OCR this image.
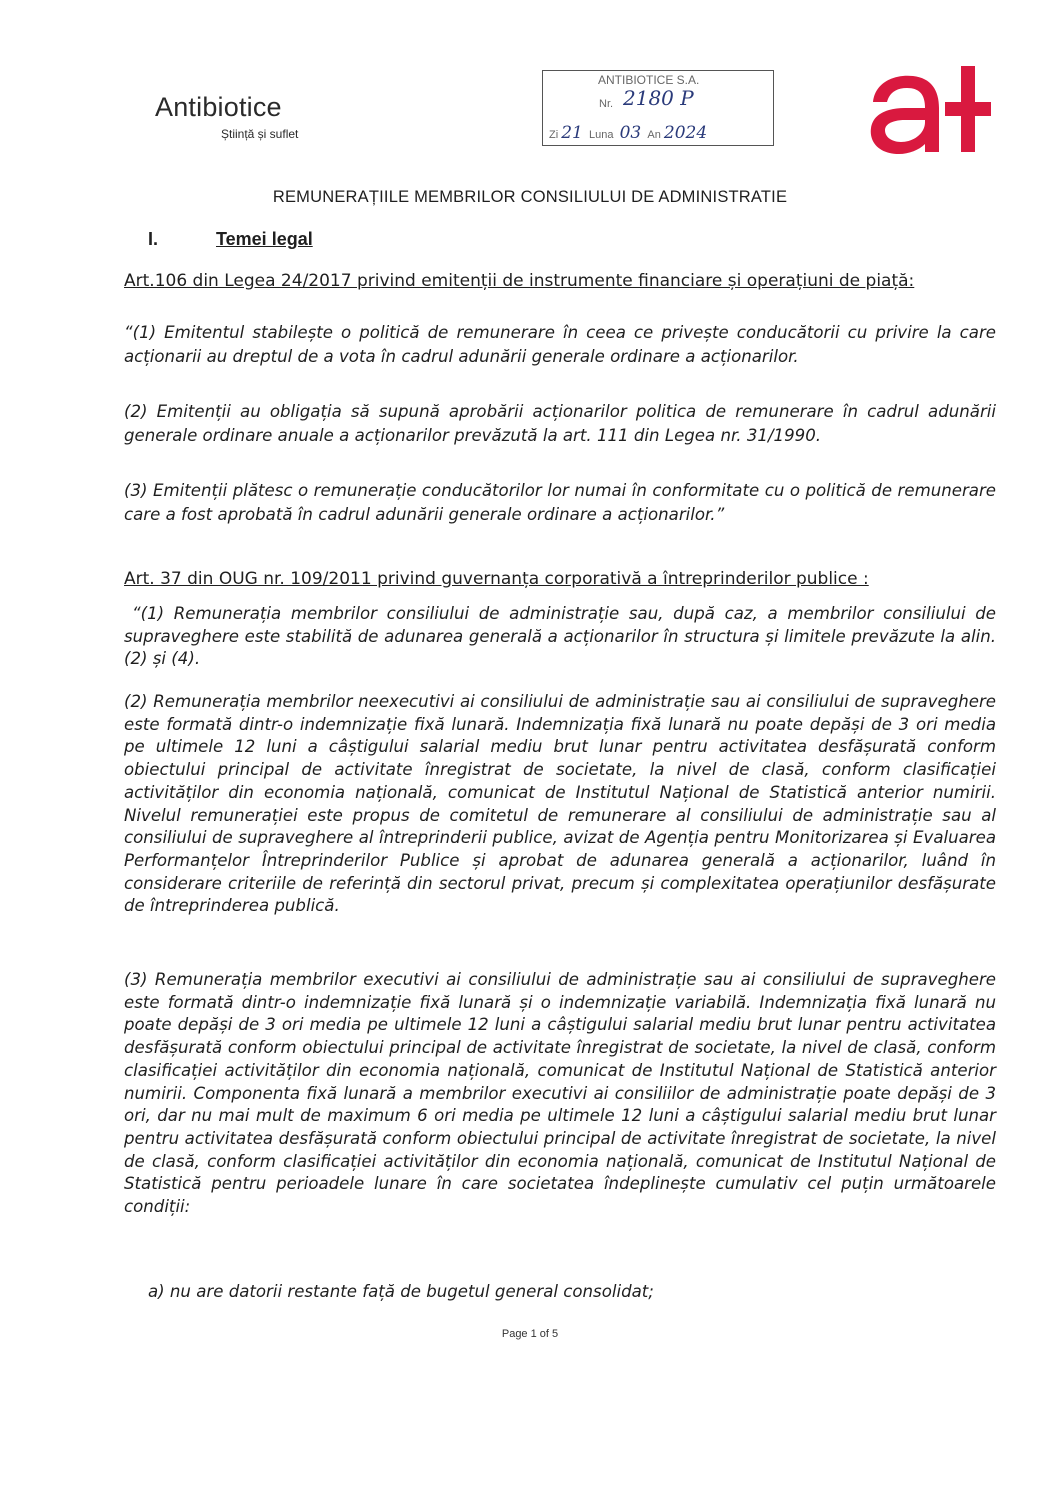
Antibiotice
Știință și suflet
ANTIBIOTICE S.A.
Nr. 2180 P
Zi 21 Luna 03 An 2024
REMUNERAȚIILE MEMBRILOR CONSILIULUI DE ADMINISTRATIE
I.	Temei legal
Art.106 din Legea 24/2017 privind emitenții de instrumente financiare și operațiuni de piață:

“(1) Emitentul stabilește o politică de remunerare în ceea ce privește conducătorii cu privire la care acționarii au dreptul de a vota în cadrul adunării generale ordinare a acționarilor.

(2) Emitenții au obligația să supună aprobării acționarilor politica de remunerare în cadrul adunării generale ordinare anuale a acționarilor prevăzută la art. 111 din Legea nr. 31/1990.

(3) Emitenții plătesc o remunerație conducătorilor lor numai în conformitate cu o politică de remunerare care a fost aprobată în cadrul adunării generale ordinare a acționarilor.”

Art. 37 din OUG nr. 109/2011 privind guvernanța corporativă a întreprinderilor publice :

“(1) Remunerația membrilor consiliului de administrație sau, după caz, a membrilor consiliului de supraveghere este stabilită de adunarea generală a acționarilor în structura și limitele prevăzute la alin. (2) și (4).

(2) Remunerația membrilor neexecutivi ai consiliului de administrație sau ai consiliului de supraveghere este formată dintr-o indemnizație fixă lunară. Indemnizația fixă lunară nu poate depăși de 3 ori media pe ultimele 12 luni a câștigului salarial mediu brut lunar pentru activitatea desfășurată conform obiectului principal de activitate înregistrat de societate, la nivel de clasă, conform clasificației activităților din economia națională, comunicat de Institutul Național de Statistică anterior numirii. Nivelul remunerației este propus de comitetul de remunerare al consiliului de administrație sau al consiliului de supraveghere al întreprinderii publice, avizat de Agenția pentru Monitorizarea și Evaluarea Performanțelor Întreprinderilor Publice și aprobat de adunarea generală a acționarilor, luând în considerare criteriile de referință din sectorul privat, precum și complexitatea operațiunilor desfășurate de întreprinderea publică.

(3) Remunerația membrilor executivi ai consiliului de administrație sau ai consiliului de supraveghere este formată dintr-o indemnizație fixă lunară și o indemnizație variabilă. Indemnizația fixă lunară nu poate depăși de 3 ori media pe ultimele 12 luni a câștigului salarial mediu brut lunar pentru activitatea desfășurată conform obiectului principal de activitate înregistrat de societate, la nivel de clasă, conform clasificației activităților din economia națională, comunicat de Institutul Național de Statistică anterior numirii. Componenta fixă lunară a membrilor executivi ai consiliilor de administrație poate depăși de 3 ori, dar nu mai mult de maximum 6 ori media pe ultimele 12 luni a câștigului salarial mediu brut lunar pentru activitatea desfășurată conform obiectului principal de activitate înregistrat de societate, la nivel de clasă, conform clasificației activităților din economia națională, comunicat de Institutul Național de Statistică pentru perioadele lunare în care societatea îndeplinește cumulativ cel puțin următoarele condiții:

a) nu are datorii restante față de bugetul general consolidat;
Page 1 of 5
